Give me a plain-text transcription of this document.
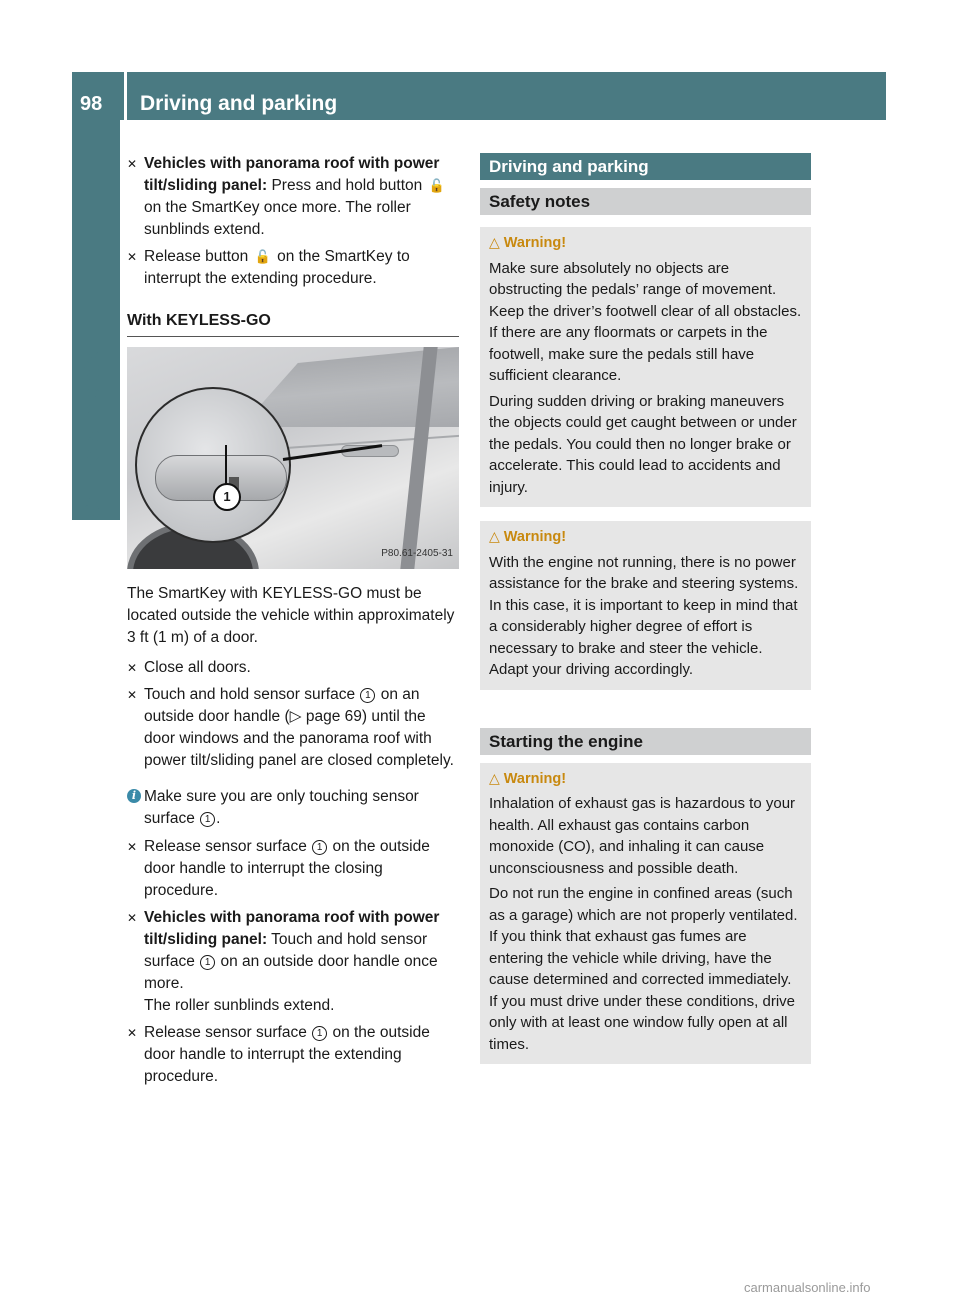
98 Driving and parking
Controls in detail
✕ Vehicles with panorama roof with power tilt/sliding panel: Press and hold button 🔓 on the SmartKey once more. The roller sunblinds extend.
✕ Release button 🔓 on the SmartKey to interrupt the extending procedure.
With KEYLESS-GO
1
P80.61-2405-31

The SmartKey with KEYLESS-GO must be located outside the vehicle within approximately 3 ft (1 m) of a door.

✕ Close all doors.
✕ Touch and hold sensor surface 1 on an outside door handle (▷ page 69) until the door windows and the panorama roof with power tilt/sliding panel are closed completely.
i Make sure you are only touching sensor surface 1 .
✕ Release sensor surface 1 on the outside door handle to interrupt the closing procedure.
✕ Vehicles with panorama roof with power tilt/sliding panel: Touch and hold sensor surface 1 on an outside door handle once more.
The roller sunblinds extend.
✕ Release sensor surface 1 on the outside door handle to interrupt the extending procedure.
Driving and parking
Safety notes
△ Warning!

Make sure absolutely no objects are obstructing the pedals’ range of movement. Keep the driver’s footwell clear of all obstacles. If there are any floormats or carpets in the footwell, make sure the pedals still have sufficient clearance.

During sudden driving or braking maneuvers the objects could get caught between or under the pedals. You could then no longer brake or accelerate. This could lead to accidents and injury.

△ Warning!

With the engine not running, there is no power assistance for the brake and steering systems. In this case, it is important to keep in mind that a considerably higher degree of effort is necessary to brake and steer the vehicle. Adapt your driving accordingly.

Starting the engine
△ Warning!

Inhalation of exhaust gas is hazardous to your health. All exhaust gas contains carbon monoxide (CO), and inhaling it can cause unconsciousness and possible death.

Do not run the engine in confined areas (such as a garage) which are not properly ventilated. If you think that exhaust gas fumes are entering the vehicle while driving, have the cause determined and corrected immediately. If you must drive under these conditions, drive only with at least one window fully open at all times.

carmanualsonline.info
